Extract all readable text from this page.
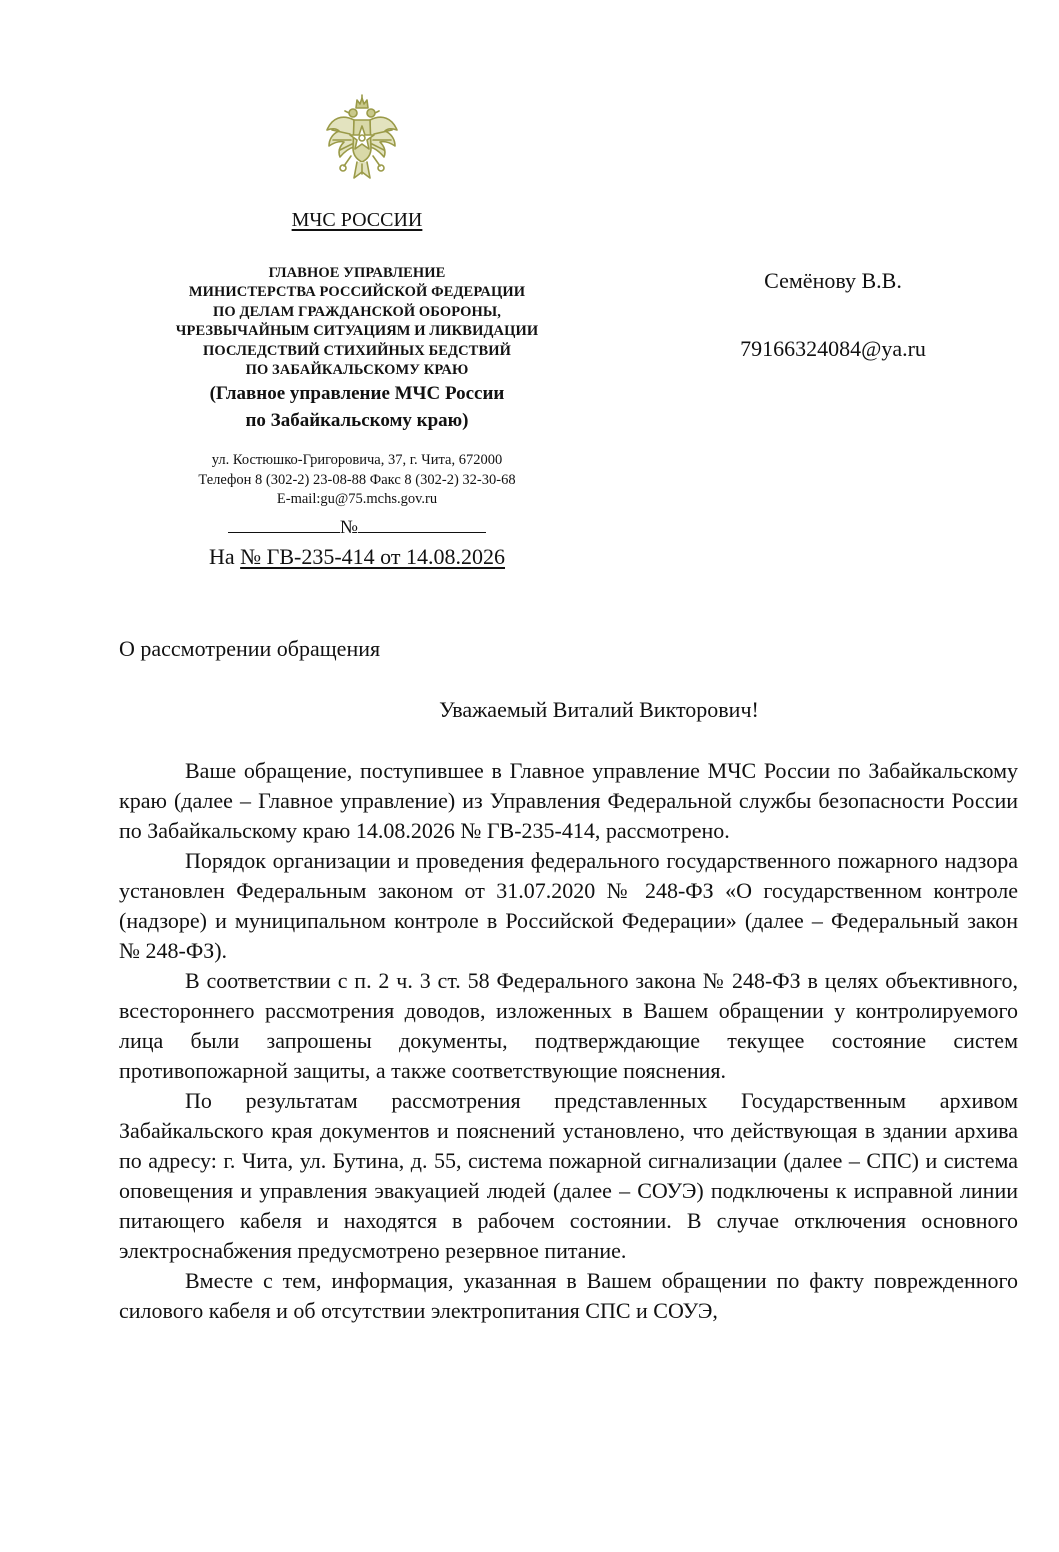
МЧС РОССИИ
ГЛАВНОЕ УПРАВЛЕНИЕ
МИНИСТЕРСТВА РОССИЙСКОЙ ФЕДЕРАЦИИ
ПО ДЕЛАМ ГРАЖДАНСКОЙ ОБОРОНЫ,
ЧРЕЗВЫЧАЙНЫМ СИТУАЦИЯМ И ЛИКВИДАЦИИ
ПОСЛЕДСТВИЙ СТИХИЙНЫХ БЕДСТВИЙ
ПО ЗАБАЙКАЛЬСКОМУ КРАЮ
(Главное управление МЧС России
по Забайкальскому краю)
ул. Костюшко-Григоровича, 37, г. Чита, 672000
Телефон 8 (302-2) 23-08-88 Факс 8 (302-2) 32-30-68
E-mail:gu@75.mchs.gov.ru
№
На № ГВ-235-414 от 14.08.2026
Семёнову В.В.
79166324084@ya.ru
О рассмотрении обращения
Уважаемый Виталий Викторович!

Ваше обращение, поступившее в Главное управление МЧС России по Забайкальскому краю (далее – Главное управление) из Управления Федеральной службы безопасности России по Забайкальскому краю 14.08.2026 № ГВ-235-414, рассмотрено.

Порядок организации и проведения федерального государственного пожарного надзора установлен Федеральным законом от 31.07.2020 № 248-ФЗ «О государственном контроле (надзоре) и муниципальном контроле в Российской Федерации» (далее – Федеральный закон № 248-ФЗ).

В соответствии с п. 2 ч. 3 ст. 58 Федерального закона № 248-ФЗ в целях объективного, всестороннего рассмотрения доводов, изложенных в Вашем обращении у контролируемого лица были запрошены документы, подтверждающие текущее состояние систем противопожарной защиты, а также соответствующие пояснения.

По результатам рассмотрения представленных Государственным архивом Забайкальского края документов и пояснений установлено, что действующая в здании архива по адресу: г. Чита, ул. Бутина, д. 55, система пожарной сигнализации (далее – СПС) и система оповещения и управления эвакуацией людей (далее – СОУЭ) подключены к исправной линии питающего кабеля и находятся в рабочем состоянии. В случае отключения основного электроснабжения предусмотрено резервное питание.

Вместе с тем, информация, указанная в Вашем обращении по факту поврежденного силового кабеля и об отсутствии электропитания СПС и СОУЭ,
